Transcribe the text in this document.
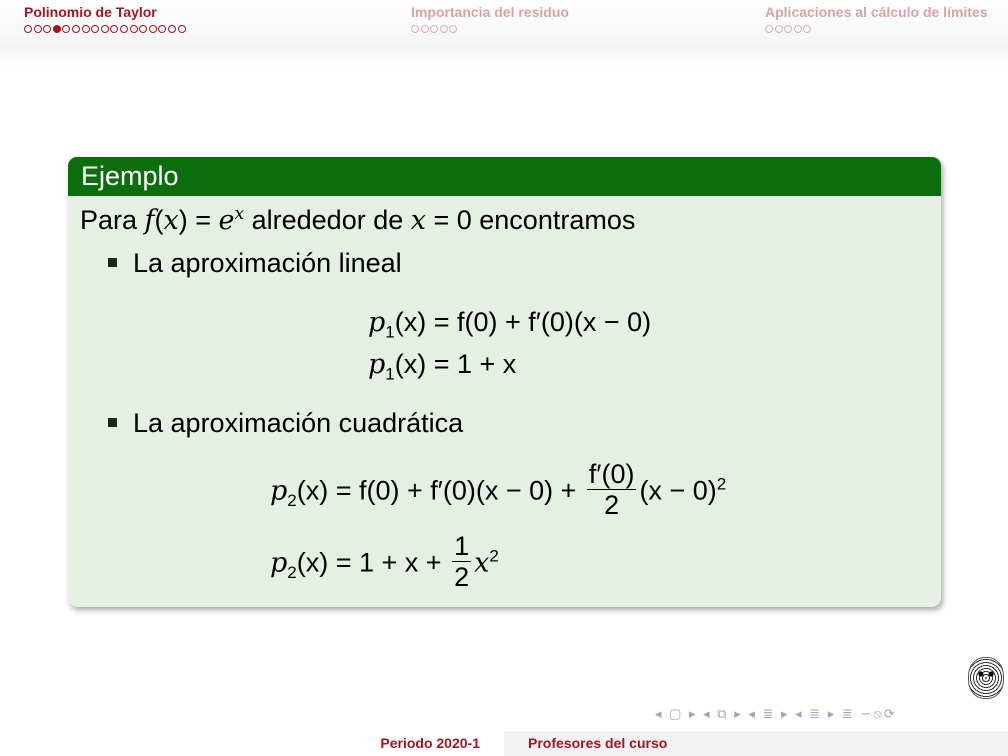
Polinomio de Taylor	Importancia del residuo	Aplicaciones al cálculo de límites
Ejemplo
Para $f(x) = e^x$ alrededor de x = 0 encontramos
La aproximación lineal
$p_1(x) = f(0) + f'(0)(x - 0)$
$p_1(x) = 1 + x$
La aproximación cuadrática
$p_2(x) = f(0) + f'(0)(x - 0) + \frac{f'(0)}{2} (x - 0)^2$
$p_2(x) = 1 + x + \frac{1}{2} x^2$
◂ ▢ ▸ ◂ ⧉ ▸ ◂ ≣ ▸ ◂ ≣ ▸ ≣ ∽⦸⟳
Periodo 2020-1	Profesores del curso
